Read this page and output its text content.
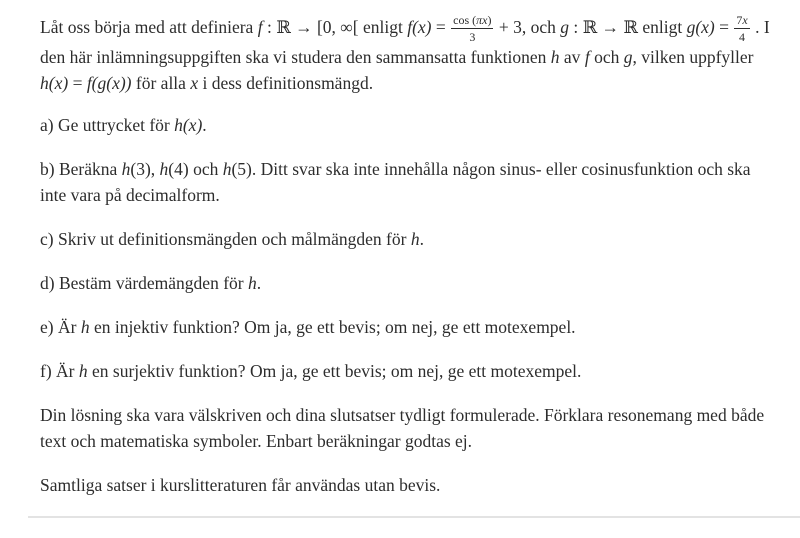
Låt oss börja med att definiera f : ℝ → [0, ∞[ enligt $f(x) = \frac{\cos (\pi x)}{3} + 3$, och g : ℝ → ℝ enligt $g(x) = \frac{7x}{4}$ . I den här inlämningsuppgiften ska vi studera den sammansatta funktionen h av f och g, vilken uppfyller h(x) = f(g(x)) för alla x i dess definitionsmängd.

a) Ge uttrycket för h(x).

b) Beräkna h(3), h(4) och h(5). Ditt svar ska inte innehålla någon sinus- eller cosinusfunktion och ska inte vara på decimalform.

c) Skriv ut definitionsmängden och målmängden för h.

d) Bestäm värdemängden för h.

e) Är h en injektiv funktion? Om ja, ge ett bevis; om nej, ge ett motexempel.

f) Är h en surjektiv funktion? Om ja, ge ett bevis; om nej, ge ett motexempel.

Din lösning ska vara välskriven och dina slutsatser tydligt formulerade. Förklara resonemang med både text och matematiska symboler. Enbart beräkningar godtas ej.

Samtliga satser i kurslitteraturen får användas utan bevis.
